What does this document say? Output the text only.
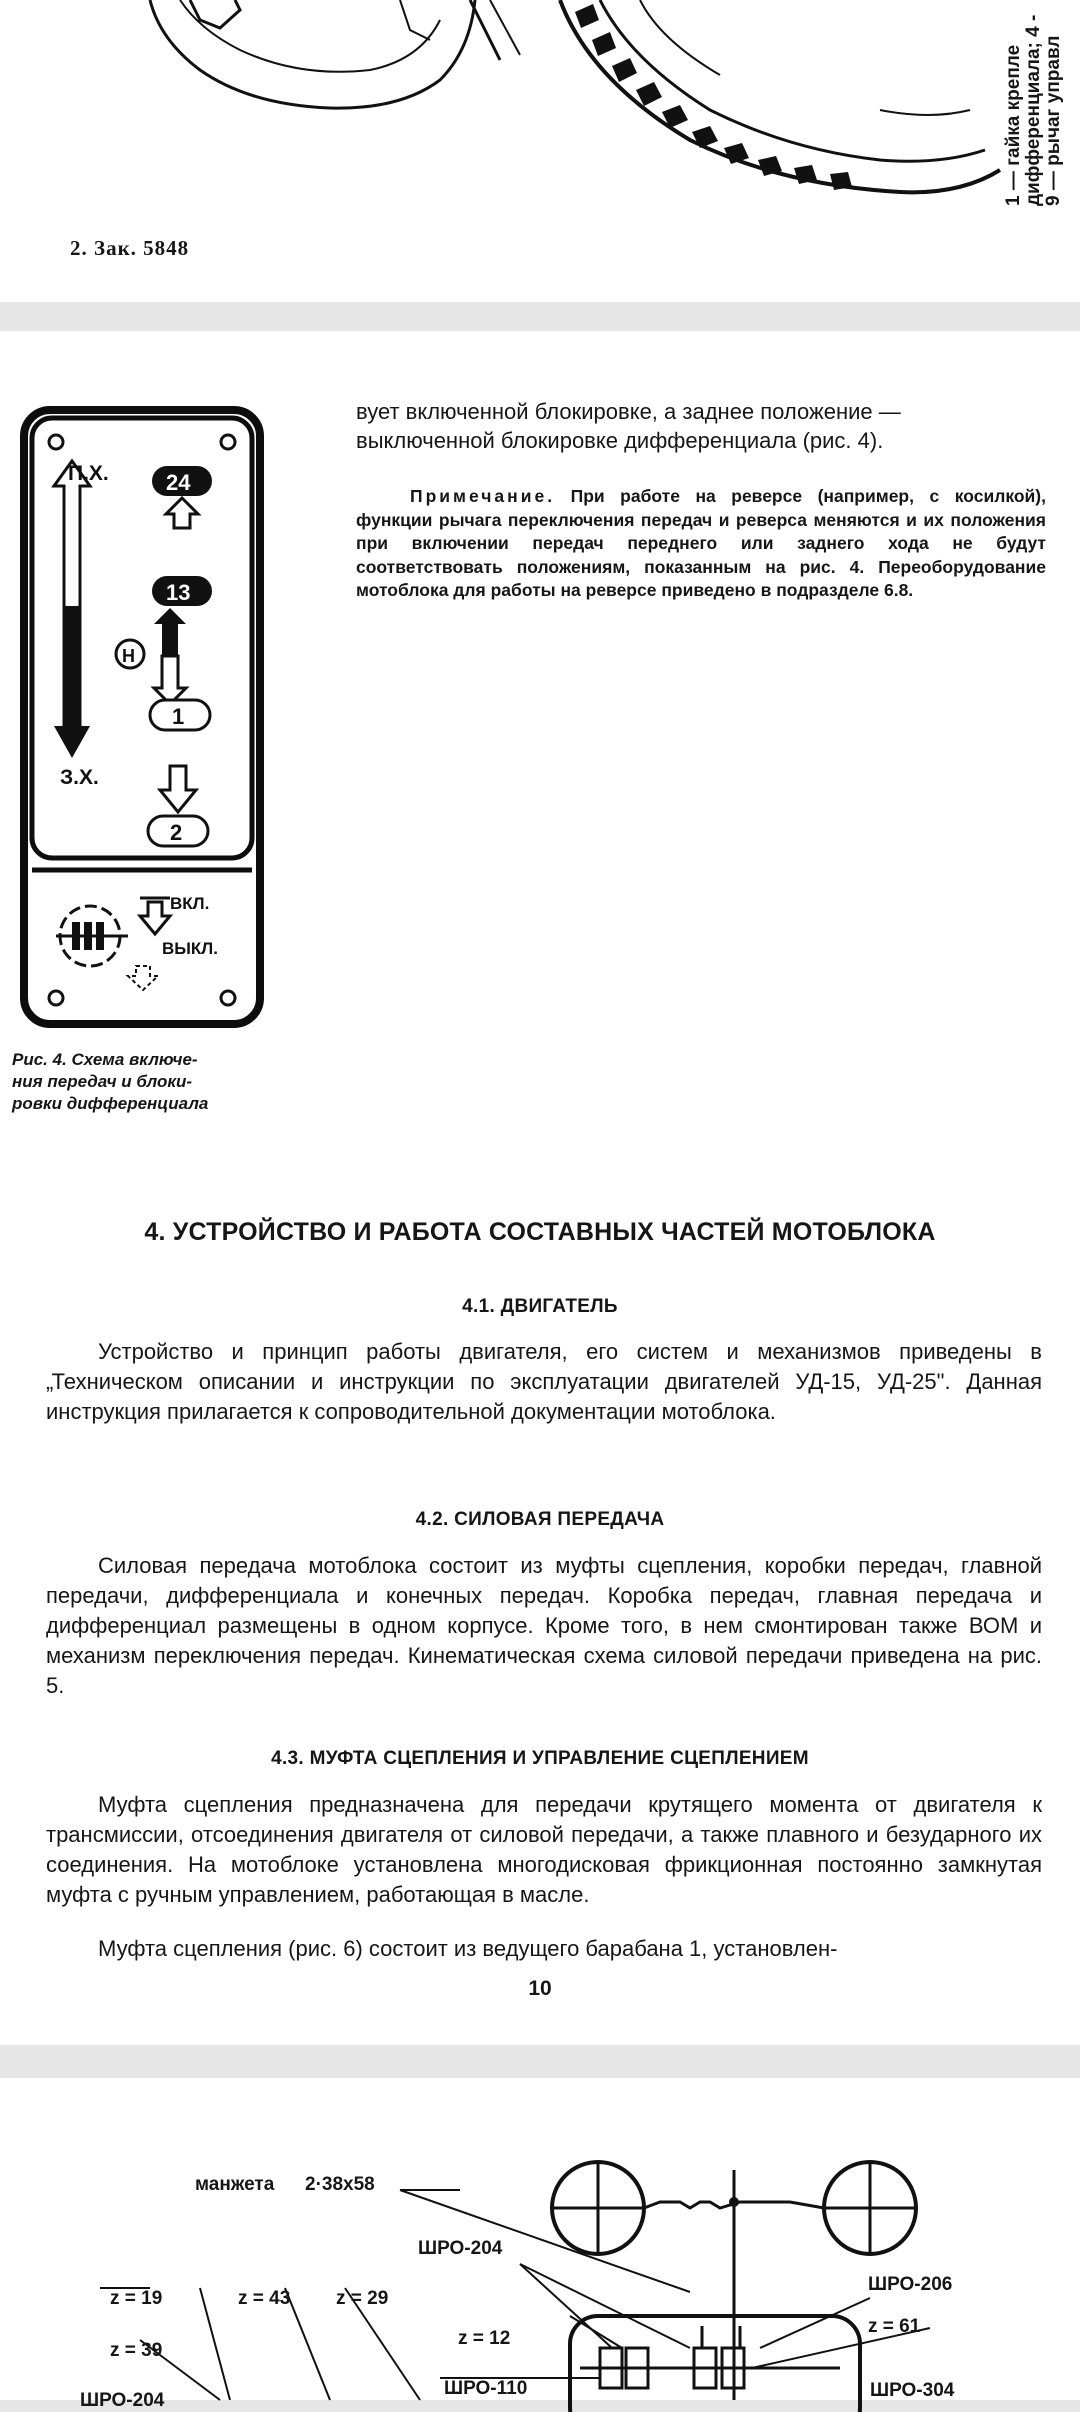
2. Зак. 5848
1 — гайка крепле дифференциала; 4 - 9 — рычаг управл
П.Х.
З.Х.
24
13
Н
1
2
ВКЛ.
ВЫКЛ.
Рис. 4. Схема включе-
ния передач и блоки-
ровки дифференциала
вует включенной блокировке, а заднее положение —
выключенной блокировке дифференциала (рис. 4).
Примечание. При работе на реверсе (например, с косилкой), функции рычага переключения передач и реверса меняются и их положения при включении передач переднего или заднего хода не будут соответствовать положениям, показанным на рис. 4. Переоборудование мотоблока для работы на реверсе приведено в подразделе 6.8.
4. УСТРОЙСТВО И РАБОТА СОСТАВНЫХ ЧАСТЕЙ МОТОБЛОКА
4.1. ДВИГАТЕЛЬ

Устройство и принцип работы двигателя, его систем и механизмов приведены в „Техническом описании и инструкции по эксплуатации двигателей УД-15, УД-25". Данная инструкция прилагается к сопроводительной документации мотоблока.

4.2. СИЛОВАЯ ПЕРЕДАЧА

Силовая передача мотоблока состоит из муфты сцепления, коробки передач, главной передачи, дифференциала и конечных передач. Коробка передач, главная передача и дифференциал размещены в одном корпусе. Кроме того, в нем смонтирован также ВОМ и механизм переключения передач. Кинематическая схема силовой передачи приведена на рис. 5.

4.3. МУФТА СЦЕПЛЕНИЯ И УПРАВЛЕНИЕ СЦЕПЛЕНИЕМ

Муфта сцепления предназначена для передачи крутящего момента от двигателя к трансмиссии, отсоединения двигателя от силовой передачи, а также плавного и безударного их соединения. На мотоблоке установлена многодисковая фрикционная постоянно замкнутая муфта с ручным управлением, работающая в масле.

Муфта сцепления (рис. 6) состоит из ведущего барабана 1, установлен-

10
манжета 2·38х58
ШРО-204
ШРО-206
z = 19	z = 43 z = 29
z = 61
z = 39
z = 12
ШРО-110	ШРО-304
ШРО-204
